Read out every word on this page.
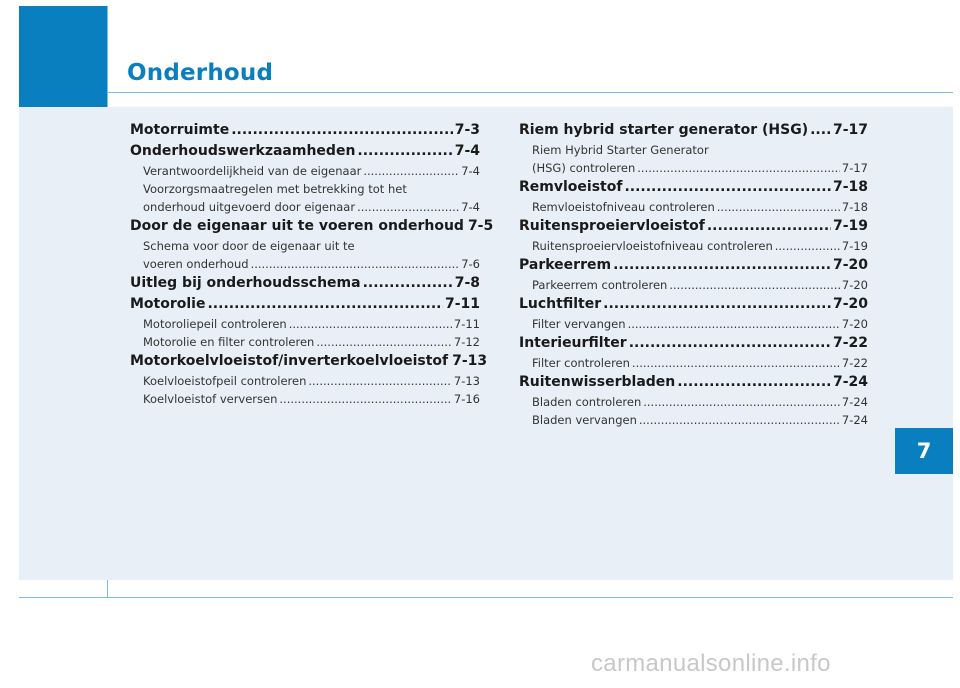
Onderhoud
7
Motorruimte .....	7-3
Onderhoudswerkzaamheden .....	7-4
Verantwoordelijkheid van de eigenaar .....	7-4
Voorzorgsmaatregelen met betrekking tot het
onderhoud uitgevoerd door eigenaar .....	7-4
Door de eigenaar uit te voeren onderhoud 7-5
Schema voor door de eigenaar uit te
voeren onderhoud .....	7-6
Uitleg bij onderhoudsschema .....	7-8
Motorolie .....	7-11
Motoroliepeil controleren .....	7-11
Motorolie en filter controleren .....	7-12
Motorkoelvloeistof/inverterkoelvloeistof 7-13
Koelvloeistofpeil controleren .....	7-13
Koelvloeistof verversen .....	7-16
Riem hybrid starter generator (HSG) ..... 7-17
Riem Hybrid Starter Generator
(HSG) controleren .....	7-17
Remvloeistof .....	7-18
Remvloeistofniveau controleren .....	7-18
Ruitensproeiervloeistof .....	7-19
Ruitensproeiervloeistofniveau controleren .....	7-19
Parkeerrem .....	7-20
Parkeerrem controleren .....	7-20
Luchtfilter .....	7-20
Filter vervangen .....	7-20
Interieurfilter .....	7-22
Filter controleren .....	7-22
Ruitenwisserbladen .....	7-24
Bladen controleren .....	7-24
Bladen vervangen .....	7-24
carmanualsonline.info
